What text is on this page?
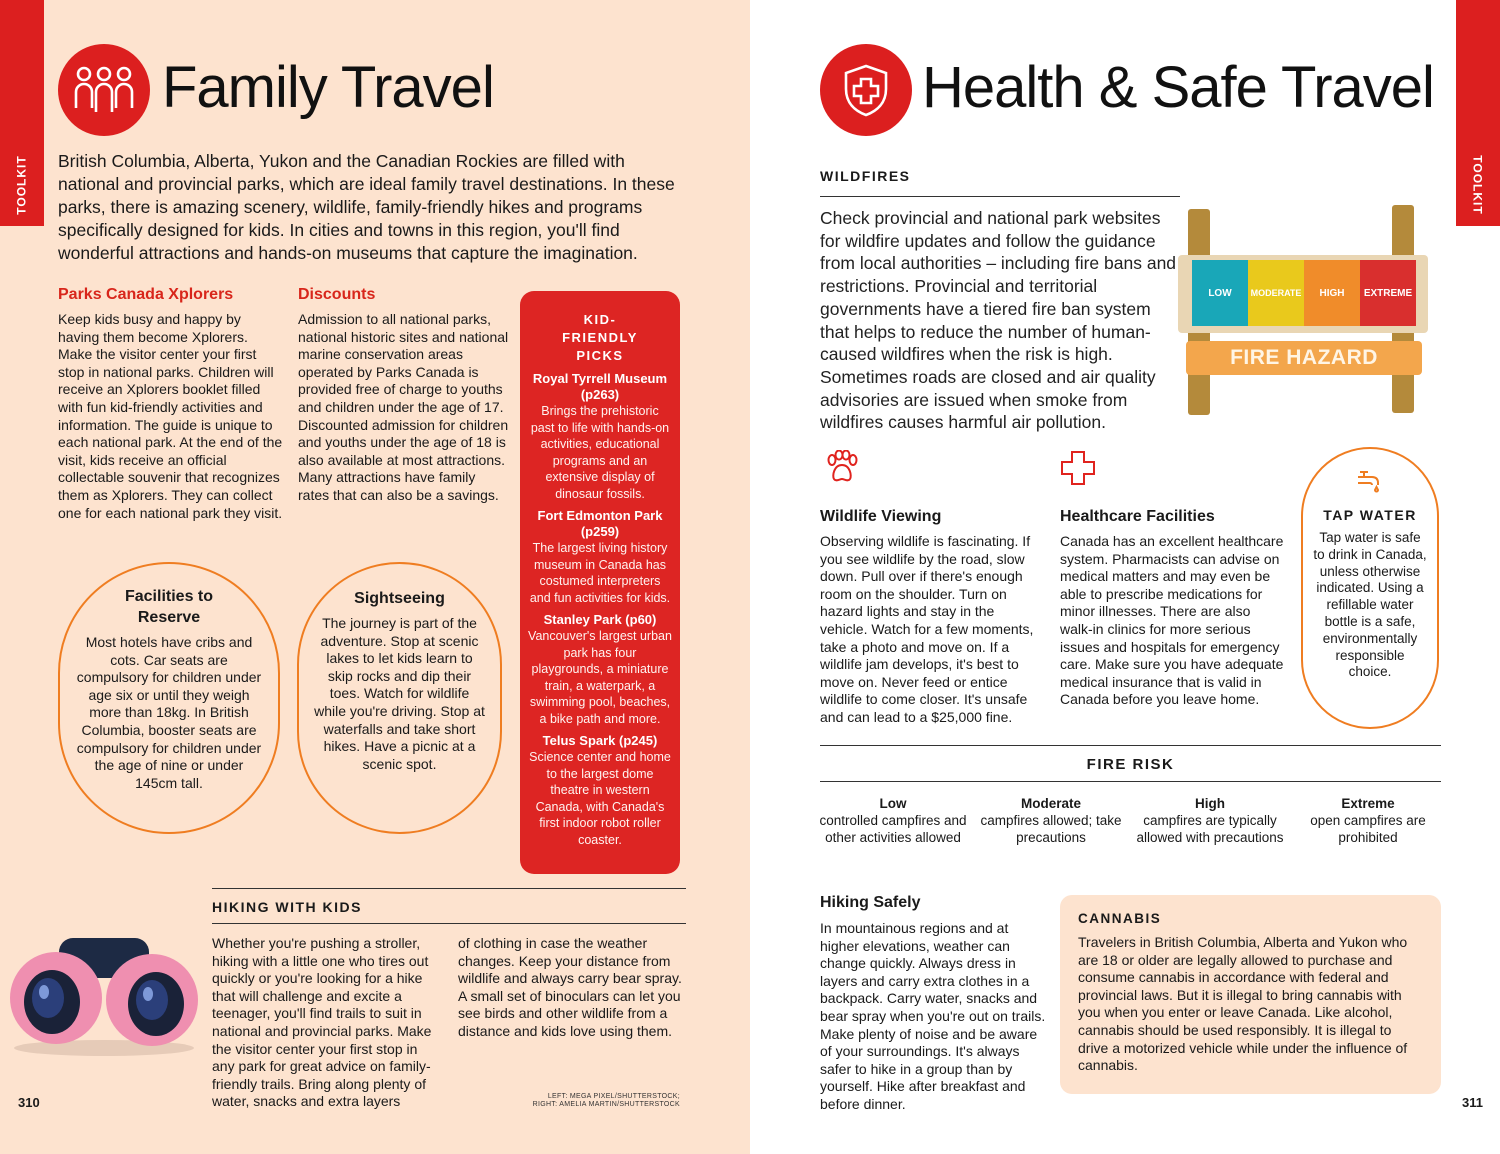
TOOLKIT
Family Travel
British Columbia, Alberta, Yukon and the Canadian Rockies are filled with national and provincial parks, which are ideal family travel destinations. In these parks, there is amazing scenery, wildlife, family-friendly hikes and programs specifically designed for kids. In cities and towns in this region, you'll find wonderful attractions and hands-on museums that capture the imagination.
Parks Canada Xplorers
Keep kids busy and happy by having them become Xplorers. Make the visitor center your first stop in national parks. Children will receive an Xplorers booklet filled with fun kid-friendly activities and information. The guide is unique to each national park. At the end of the visit, kids receive an official collectable souvenir that recognizes them as Xplorers. They can collect one for each national park they visit.
Discounts
Admission to all national parks, national historic sites and national marine conservation areas operated by Parks Canada is provided free of charge to youths and children under the age of 17. Discounted admission for children and youths under the age of 18 is also available at most attractions. Many attractions have family rates that can also be a savings.
Facilities to Reserve

Most hotels have cribs and cots. Car seats are compulsory for children under age six or until they weigh more than 18kg. In British Columbia, booster seats are compulsory for children under the age of nine or under 145cm tall.

Sightseeing

The journey is part of the adventure. Stop at scenic lakes to let kids learn to skip rocks and dip their toes. Watch for wildlife while you're driving. Stop at waterfalls and take short hikes. Have a picnic at a scenic spot.

KID-FRIENDLY PICKS
Royal Tyrrell Museum (p263)
Brings the prehistoric past to life with hands-on activities, educational programs and an extensive display of dinosaur fossils.
Fort Edmonton Park (p259)
The largest living history museum in Canada has costumed interpreters and fun activities for kids.
Stanley Park (p60)
Vancouver's largest urban park has four playgrounds, a miniature train, a waterpark, a swimming pool, beaches, a bike path and more.
Telus Spark (p245)
Science center and home to the largest dome theatre in western Canada, with Canada's first indoor robot roller coaster.
HIKING WITH KIDS
Whether you're pushing a stroller, hiking with a little one who tires out quickly or you're looking for a hike that will challenge and excite a teenager, you'll find trails to suit in national and provincial parks. Make the visitor center your first stop in any park for great advice on family-friendly trails. Bring along plenty of water, snacks and extra layers
of clothing in case the weather changes. Keep your distance from wildlife and always carry bear spray. A small set of binoculars can let you see birds and other wildlife from a distance and kids love using them.
310	LEFT: MEGA PIXEL/SHUTTERSTOCK;
RIGHT: AMELIA MARTIN/SHUTTERSTOCK
TOOLKIT
Health & Safe Travel
WILDFIRES
Check provincial and national park websites for wildfire updates and follow the guidance from local authorities – including fire bans and restrictions. Provincial and territorial governments have a tiered fire ban system that helps to reduce the number of human-caused wildfires when the risk is high. Sometimes roads are closed and air quality advisories are issued when smoke from wildfires causes harmful air pollution.
LOW	MODERATE	HIGH	EXTREME
FIRE HAZARD
Wildlife Viewing
Observing wildlife is fascinating. If you see wildlife by the road, slow down. Pull over if there's enough room on the shoulder. Turn on hazard lights and stay in the vehicle. Watch for a few moments, take a photo and move on. If a wildlife jam develops, it's best to move on. Never feed or entice wildlife to come closer. It's unsafe and can lead to a $25,000 fine.
Healthcare Facilities
Canada has an excellent healthcare system. Pharmacists can advise on medical matters and may even be able to prescribe medications for minor illnesses. There are also walk-in clinics for more serious issues and hospitals for emergency care. Make sure you have adequate medical insurance that is valid in Canada before you leave home.
TAP WATER

Tap water is safe to drink in Canada, unless otherwise indicated. Using a refillable water bottle is a safe, environmentally responsible choice.

FIRE RISK
Low
controlled campfires and other activities allowed
Moderate
campfires allowed; take precautions
High
campfires are typically allowed with precautions
Extreme
open campfires are prohibited
Hiking Safely
In mountainous regions and at higher elevations, weather can change quickly. Always dress in layers and carry extra clothes in a backpack. Carry water, snacks and bear spray when you're out on trails. Make plenty of noise and be aware of your surroundings. It's always safer to hike in a group than by yourself. Hike after breakfast and before dinner.
CANNABIS

Travelers in British Columbia, Alberta and Yukon who are 18 or older are legally allowed to purchase and consume cannabis in accordance with federal and provincial laws. But it is illegal to bring cannabis with you when you enter or leave Canada. Like alcohol, cannabis should be used responsibly. It is illegal to drive a motorized vehicle while under the influence of cannabis.

311
